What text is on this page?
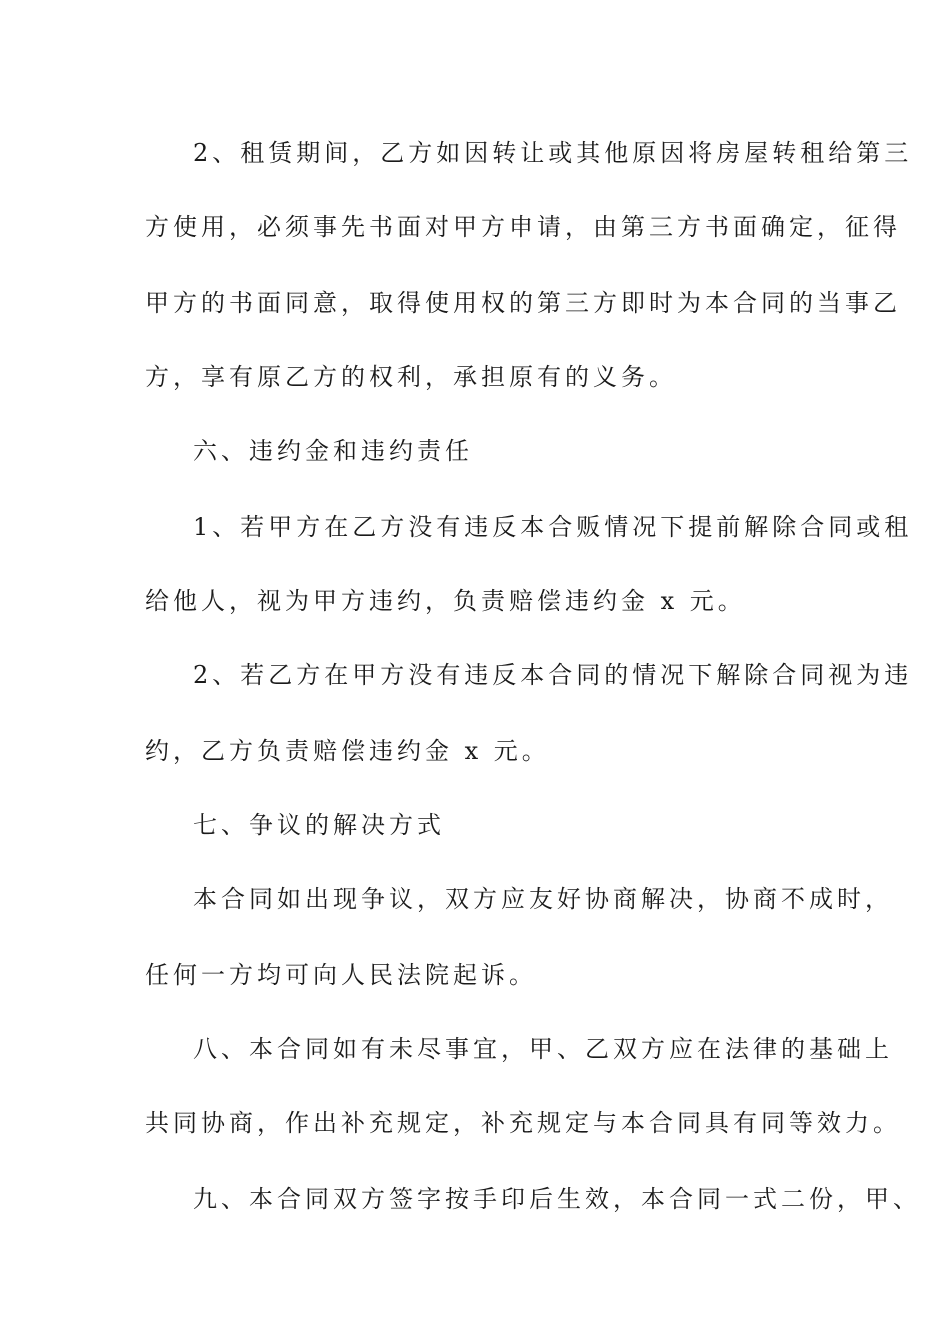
2、租赁期间，乙方如因转让或其他原因将房屋转租给第三
方使用，必须事先书面对甲方申请，由第三方书面确定，征得
甲方的书面同意，取得使用权的第三方即时为本合同的当事乙
方，享有原乙方的权利，承担原有的义务。
六、违约金和违约责任
1、若甲方在乙方没有违反本合贩情况下提前解除合同或租
给他人，视为甲方违约，负责赔偿违约金 x 元。
2、若乙方在甲方没有违反本合同的情况下解除合同视为违
约，乙方负责赔偿违约金 x 元。
七、争议的解决方式
本合同如出现争议，双方应友好协商解决，协商不成时，
任何一方均可向人民法院起诉。
八、本合同如有未尽事宜，甲、乙双方应在法律的基础上
共同协商，作出补充规定，补充规定与本合同具有同等效力。
九、本合同双方签字按手印后生效，本合同一式二份，甲、
